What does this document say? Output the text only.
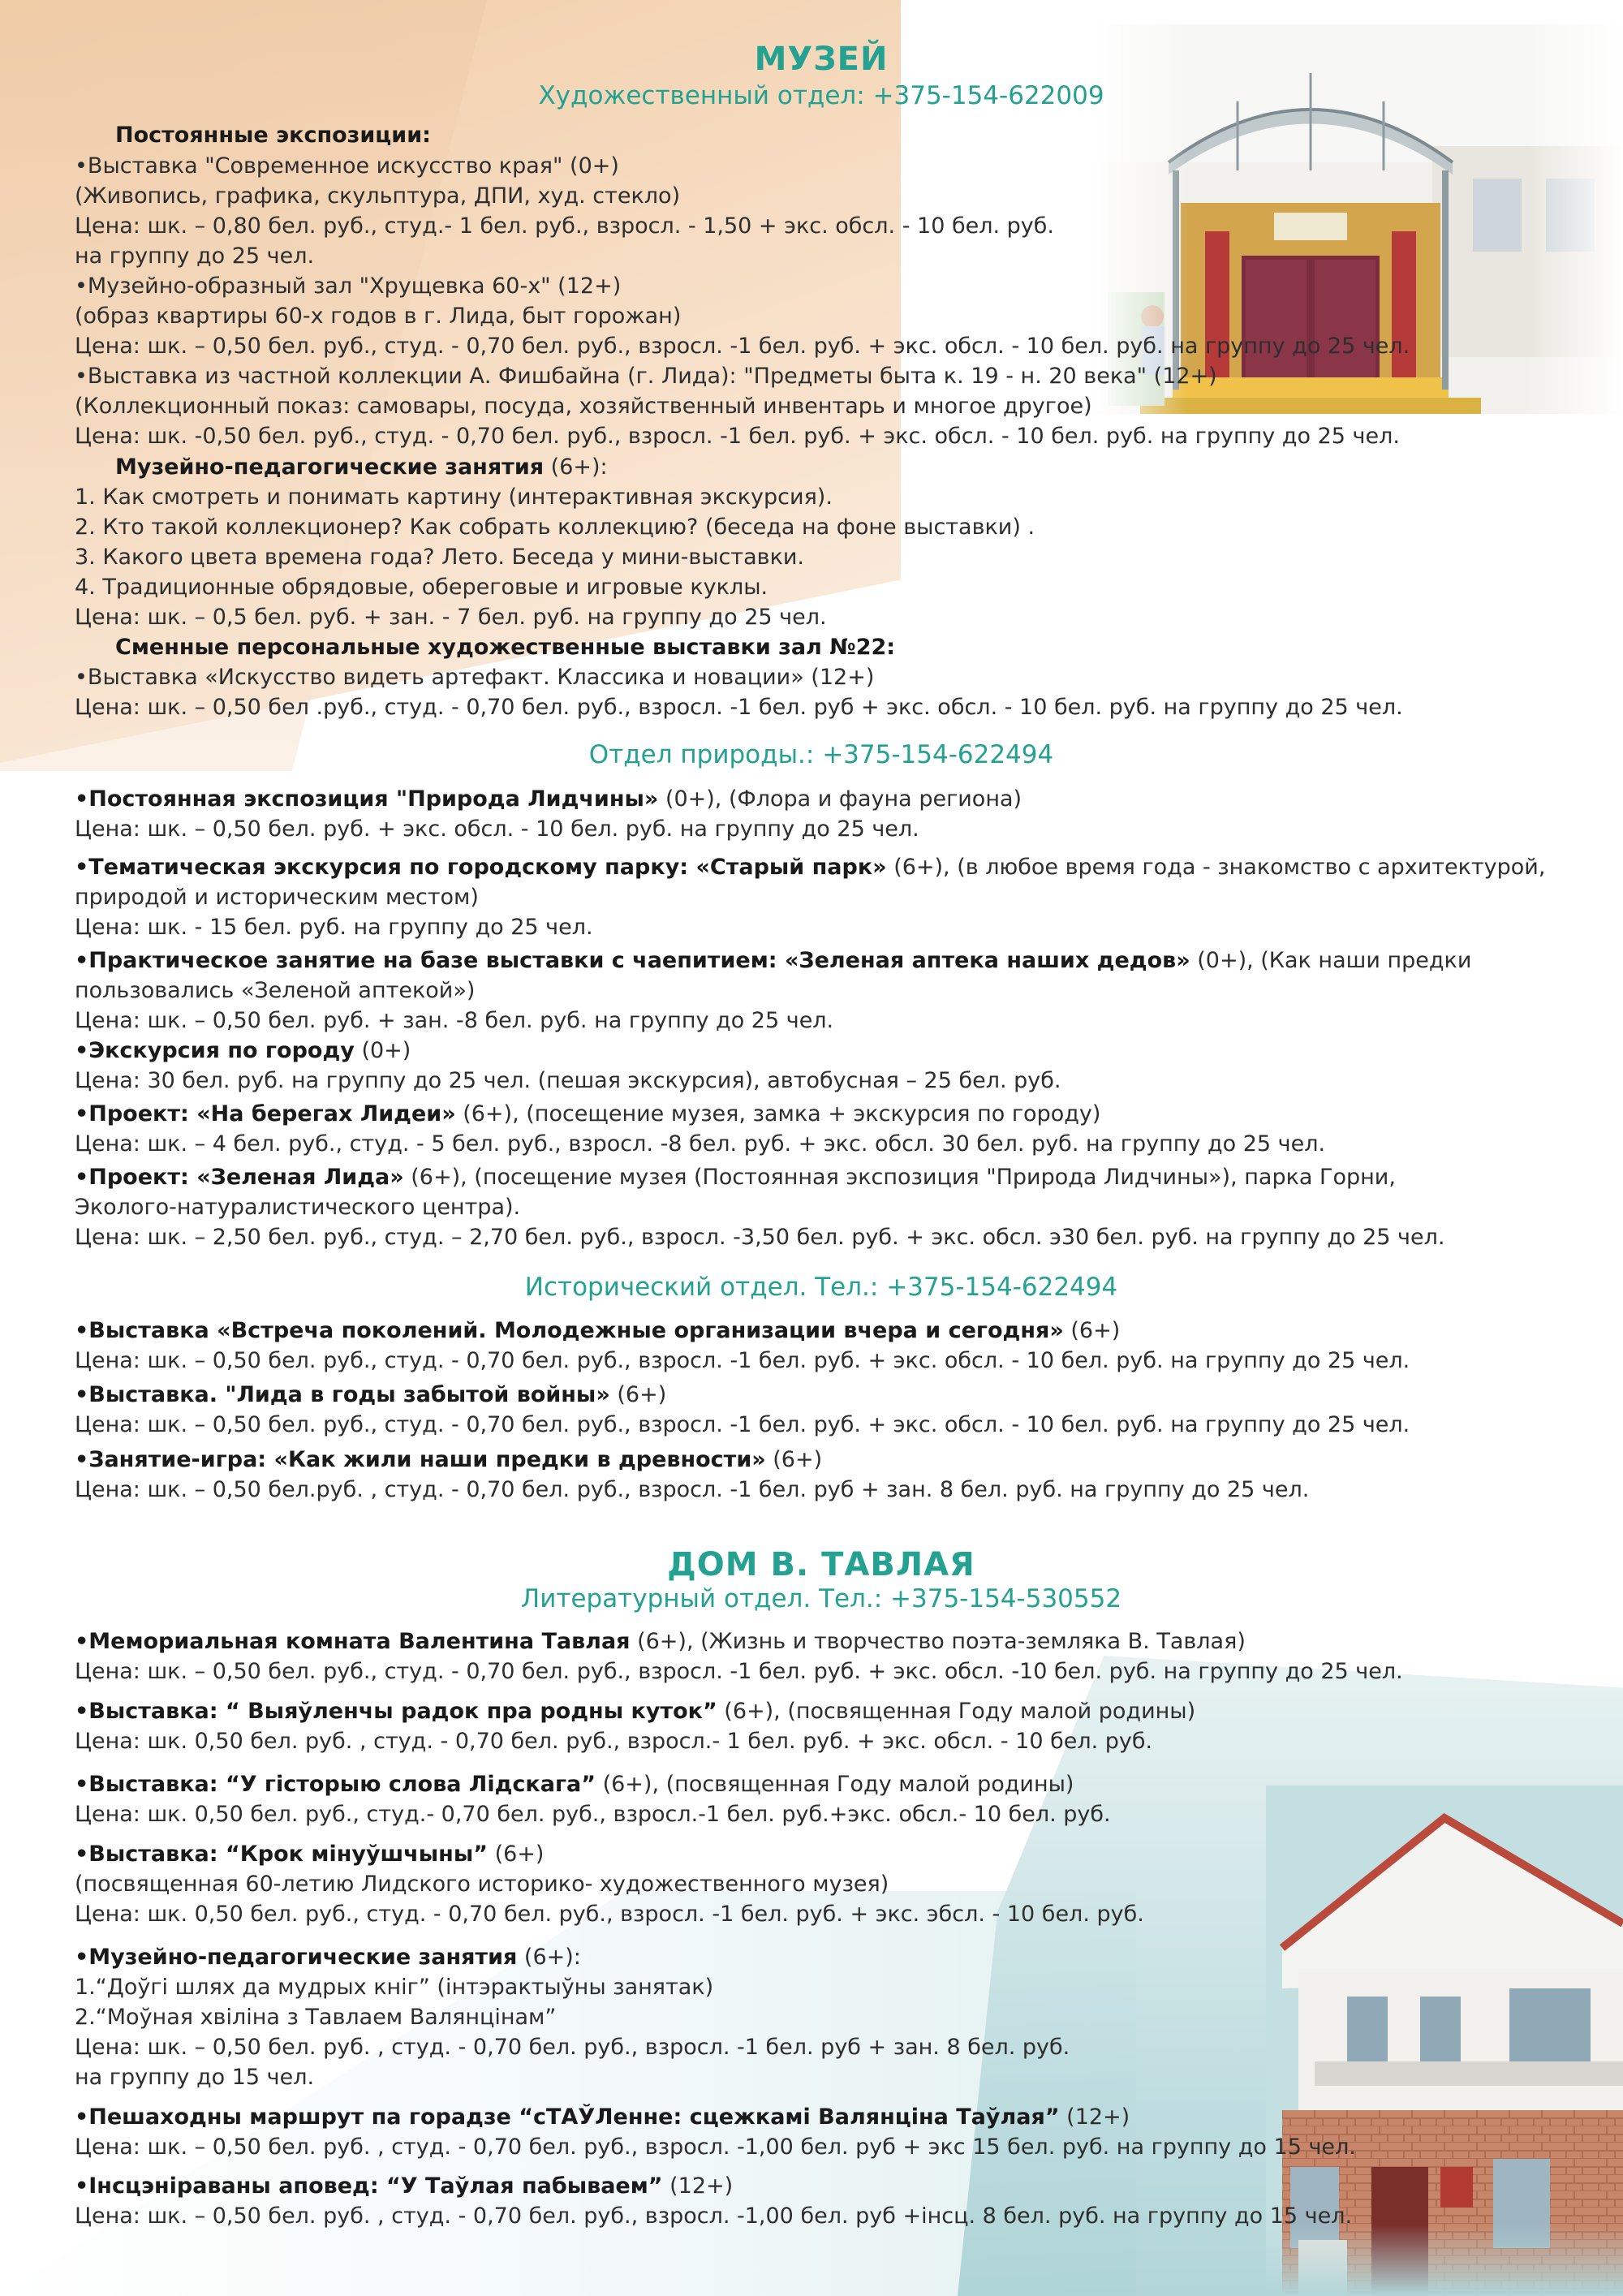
МУЗЕЙ
Художественный отдел: +375-154-622009
Постоянные экспозиции:
•Выставка "Современное искусство края" (0+)
(Живопись, графика, скульптура, ДПИ, худ. стекло)
Цена: шк. – 0,80 бел. руб., студ.- 1 бел. руб., взросл. - 1,50 + экс. обсл. - 10 бел. руб.
на группу до 25 чел.
•Музейно-образный зал "Хрущевка 60-х" (12+)
(образ квартиры 60-х годов в г. Лида, быт горожан)
Цена: шк. – 0,50 бел. руб., студ. - 0,70 бел. руб., взросл. -1 бел. руб. + экс. обсл. - 10 бел. руб. на группу до 25 чел.
•Выставка из частной коллекции А. Фишбайна (г. Лида): "Предметы быта к. 19 - н. 20 века" (12+)
(Коллекционный показ: самовары, посуда, хозяйственный инвентарь и многое другое)
Цена: шк. -0,50 бел. руб., студ. - 0,70 бел. руб., взросл. -1 бел. руб. + экс. обсл. - 10 бел. руб. на группу до 25 чел.
Музейно-педагогические занятия (6+):
1. Как смотреть и понимать картину (интерактивная экскурсия).
2. Кто такой коллекционер? Как собрать коллекцию? (беседа на фоне выставки) .
3. Какого цвета времена года? Лето. Беседа у мини-выставки.
4. Традиционные обрядовые, обереговые и игровые куклы.
Цена: шк. – 0,5 бел. руб. + зан. - 7 бел. руб. на группу до 25 чел.
Сменные персональные художественные выставки зал №22:
•Выставка «Искусство видеть артефакт. Классика и новации» (12+)
Цена: шк. – 0,50 бел .руб., студ. - 0,70 бел. руб., взросл. -1 бел. руб + экс. обсл. - 10 бел. руб. на группу до 25 чел.
Отдел природы.: +375-154-622494
•Постоянная экспозиция "Природа Лидчины» (0+), (Флора и фауна региона)
Цена: шк. – 0,50 бел. руб. + экс. обсл. - 10 бел. руб. на группу до 25 чел.
•Тематическая экскурсия по городскому парку: «Старый парк» (6+), (в любое время года - знакомство с архитектурой,
природой и историческим местом)
Цена: шк. - 15 бел. руб. на группу до 25 чел.
•Практическое занятие на базе выставки с чаепитием: «Зеленая аптека наших дедов» (0+), (Как наши предки
пользовались «Зеленой аптекой»)
Цена: шк. – 0,50 бел. руб. + зан. -8 бел. руб. на группу до 25 чел.
•Экскурсия по городу (0+)
Цена: 30 бел. руб. на группу до 25 чел. (пешая экскурсия), автобусная – 25 бел. руб.
•Проект: «На берегах Лидеи» (6+), (посещение музея, замка + экскурсия по городу)
Цена: шк. – 4 бел. руб., студ. - 5 бел. руб., взросл. -8 бел. руб. + экс. обсл. 30 бел. руб. на группу до 25 чел.
•Проект: «Зеленая Лида» (6+), (посещение музея (Постоянная экспозиция "Природа Лидчины»), парка Горни,
Эколого-натуралистического центра).
Цена: шк. – 2,50 бел. руб., студ. – 2,70 бел. руб., взросл. -3,50 бел. руб. + экс. обсл. э30 бел. руб. на группу до 25 чел.
Исторический отдел. Тел.: +375-154-622494
•Выставка «Встреча поколений. Молодежные организации вчера и сегодня» (6+)
Цена: шк. – 0,50 бел. руб., студ. - 0,70 бел. руб., взросл. -1 бел. руб. + экс. обсл. - 10 бел. руб. на группу до 25 чел.
•Выставка. "Лида в годы забытой войны» (6+)
Цена: шк. – 0,50 бел. руб., студ. - 0,70 бел. руб., взросл. -1 бел. руб. + экс. обсл. - 10 бел. руб. на группу до 25 чел.
•Занятие-игра: «Как жили наши предки в древности» (6+)
Цена: шк. – 0,50 бел.руб. , студ. - 0,70 бел. руб., взросл. -1 бел. руб + зан. 8 бел. руб. на группу до 25 чел.
ДОМ В. ТАВЛАЯ
Литературный отдел. Тел.: +375-154-530552
•Мемориальная комната Валентина Тавлая (6+), (Жизнь и творчество поэта-земляка В. Тавлая)
Цена: шк. – 0,50 бел. руб., студ. - 0,70 бел. руб., взросл. -1 бел. руб. + экс. обсл. -10 бел. руб. на группу до 25 чел.
•Выставка: “ Выяўленчы радок пра родны куток” (6+), (посвященная Году малой родины)
Цена: шк. 0,50 бел. руб. , студ. - 0,70 бел. руб., взросл.- 1 бел. руб. + экс. обсл. - 10 бел. руб.
•Выставка: “У гісторыю слова Лідскага” (6+), (посвященная Году малой родины)
Цена: шк. 0,50 бел. руб., студ.- 0,70 бел. руб., взросл.-1 бел. руб.+экс. обсл.- 10 бел. руб.
•Выставка: “Крок мінуўшчыны” (6+)
(посвященная 60-летию Лидского историко- художественного музея)
Цена: шк. 0,50 бел. руб., студ. - 0,70 бел. руб., взросл. -1 бел. руб. + экс. эбсл. - 10 бел. руб.
•Музейно-педагогические занятия (6+):
1.“Доўгі шлях да мудрых кніг” (інтэрактыўны занятак)
2.“Моўная хвіліна з Тавлаем Валянцінам”
Цена: шк. – 0,50 бел. руб. , студ. - 0,70 бел. руб., взросл. -1 бел. руб + зан. 8 бел. руб.
на группу до 15 чел.
•Пешаходны маршрут па горадзе “сТАЎЛенне: сцежкамі Валянціна Таўлая” (12+)
Цена: шк. – 0,50 бел. руб. , студ. - 0,70 бел. руб., взросл. -1,00 бел. руб + экс 15 бел. руб. на группу до 15 чел.
•Інсцэніраваны аповед: “У Таўлая пабываем” (12+)
Цена: шк. – 0,50 бел. руб. , студ. - 0,70 бел. руб., взросл. -1,00 бел. руб +інсц. 8 бел. руб. на группу до 15 чел.
